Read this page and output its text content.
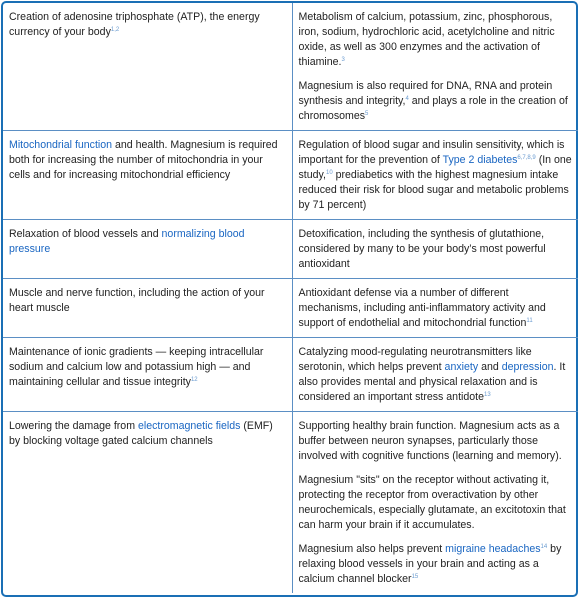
Creation of adenosine triphosphate (ATP), the energy currency of your body$^{1,2}$	Metabolism of calcium, potassium, zinc, phosphorous, iron, sodium, hydrochloric acid, acetylcholine and nitric oxide, as well as 300 enzymes and the activation of thiamine.$^3$

Magnesium is also required for DNA, RNA and protein synthesis and integrity,$^4$ and plays a role in the creation of chromosomes$^5$

Mitochondrial function and health. Magnesium is required both for increasing the number of mitochondria in your cells and for increasing mitochondrial efficiency	Regulation of blood sugar and insulin sensitivity, which is important for the prevention of Type 2 diabetes$^{6,7,8,9}$ (In one study,$^{10}$ prediabetics with the highest magnesium intake reduced their risk for blood sugar and metabolic problems by 71 percent)

Relaxation of blood vessels and normalizing blood pressure	Detoxification, including the synthesis of glutathione, considered by many to be your body’s most powerful antioxidant

Muscle and nerve function, including the action of your heart muscle	Antioxidant defense via a number of different mechanisms, including anti-inflammatory activity and support of endothelial and mitochondrial function$^{11}$

Maintenance of ionic gradients — keeping intracellular sodium and calcium low and potassium high — and maintaining cellular and tissue integrity$^{12}$	Catalyzing mood-regulating neurotransmitters like serotonin, which helps prevent anxiety and depression. It also provides mental and physical relaxation and is considered an important stress antidote$^{13}$

Lowering the damage from electromagnetic fields (EMF) by blocking voltage gated calcium channels	Supporting healthy brain function. Magnesium acts as a buffer between neuron synapses, particularly those involved with cognitive functions (learning and memory).

Magnesium "sits" on the receptor without activating it, protecting the receptor from overactivation by other neurochemicals, especially glutamate, an excitotoxin that can harm your brain if it accumulates.

Magnesium also helps prevent migraine headaches$^{14}$ by relaxing blood vessels in your brain and acting as a calcium channel blocker$^{15}$
